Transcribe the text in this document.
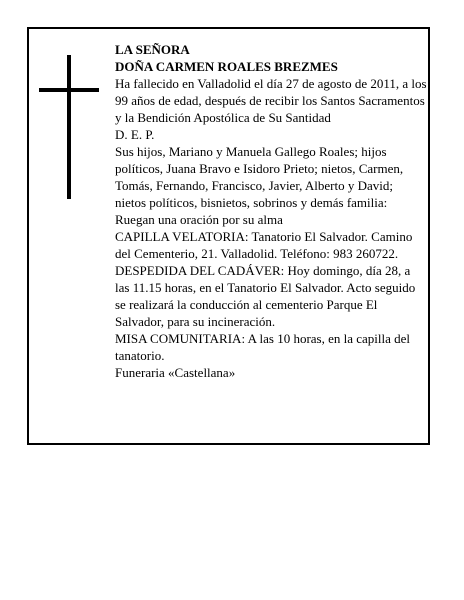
LA SEÑORA

DOÑA CARMEN ROALES BREZMES

Ha fallecido en Valladolid el día 27 de agosto de 2011, a los 99 años de edad, después de recibir los Santos Sacramentos y la Bendición Apostólica de Su Santidad

D. E. P.

Sus hijos, Mariano y Manuela Gallego Roales; hijos políticos, Juana Bravo e Isidoro Prieto; nietos, Carmen, Tomás, Fernando, Francisco, Javier, Alberto y David; nietos políticos, bisnietos, sobrinos y demás familia:

Ruegan una oración por su alma

CAPILLA VELATORIA: Tanatorio El Salvador. Camino del Cementerio, 21. Valladolid. Teléfono: 983 260722.

DESPEDIDA DEL CADÁVER: Hoy domingo, día 28, a las 11.15 horas, en el Tanatorio El Salvador. Acto seguido se realizará la conducción al cementerio Parque El Salvador, para su incineración.

MISA COMUNITARIA: A las 10 horas, en la capilla del tanatorio.

Funeraria «Castellana»
